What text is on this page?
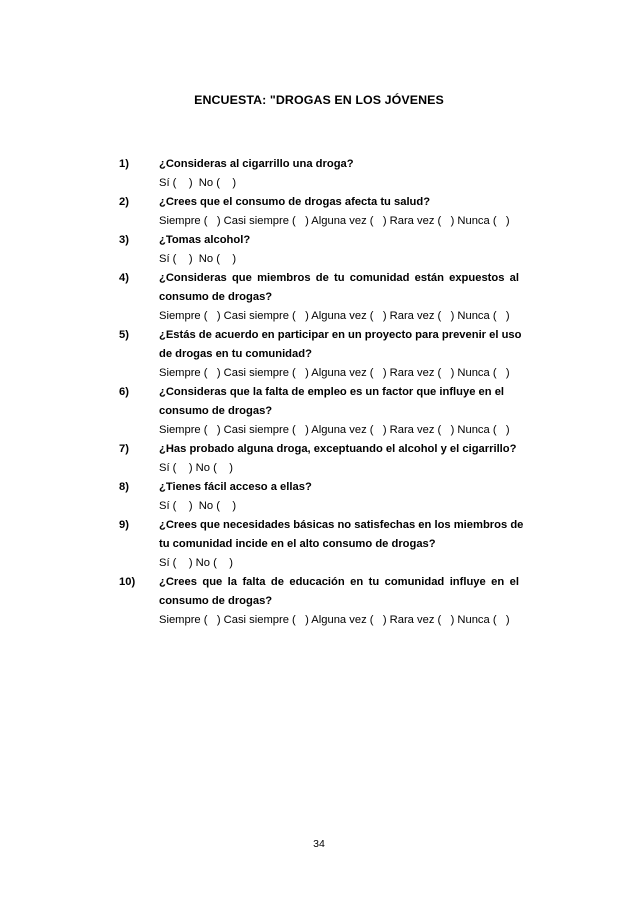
ENCUESTA: "DROGAS EN LOS JÓVENES
1)	¿Consideras al cigarrillo una droga?
Sí (    )  No (    )
2)	¿Crees que el consumo de drogas afecta tu salud?
Siempre (   ) Casi siempre (   ) Alguna vez (   ) Rara vez (   ) Nunca (   )
3)	¿Tomas alcohol?
Sí (    )  No (    )
4)	¿Consideras que miembros de tu comunidad están expuestos al
consumo de drogas?
Siempre (   ) Casi siempre (   ) Alguna vez (   ) Rara vez (   ) Nunca (   )
5)	¿Estás de acuerdo en participar en un proyecto para prevenir el uso
de drogas en tu comunidad?
Siempre (   ) Casi siempre (   ) Alguna vez (   ) Rara vez (   ) Nunca (   )
6)	¿Consideras que la falta de empleo es un factor que influye en el
consumo de drogas?
Siempre (   ) Casi siempre (   ) Alguna vez (   ) Rara vez (   ) Nunca (   )
7)	¿Has probado alguna droga, exceptuando el alcohol y el cigarrillo?
Sí (    ) No (    )
8)	¿Tienes fácil acceso a ellas?
Sí (    )  No (    )
9)	¿Crees que necesidades básicas no satisfechas en los miembros de
tu comunidad incide en el alto consumo de drogas?
Sí (    ) No (    )
10)	¿Crees que la falta de educación en tu comunidad influye en el
consumo de drogas?
Siempre (   ) Casi siempre (   ) Alguna vez (   ) Rara vez (   ) Nunca (   )
34
